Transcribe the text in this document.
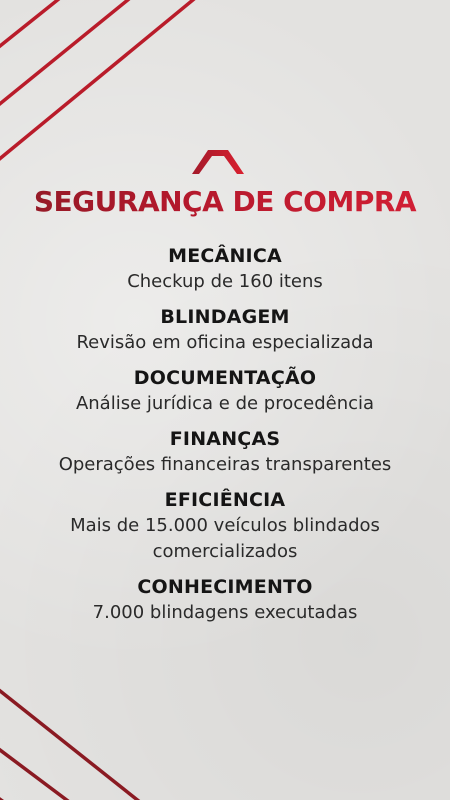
SEGURANÇA DE COMPRA
MECÂNICA
Checkup de 160 itens
BLINDAGEM
Revisão em oficina especializada
DOCUMENTAÇÃO
Análise jurídica e de procedência
FINANÇAS
Operações financeiras transparentes
EFICIÊNCIA
Mais de 15.000 veículos blindados
comercializados
CONHECIMENTO
7.000 blindagens executadas
